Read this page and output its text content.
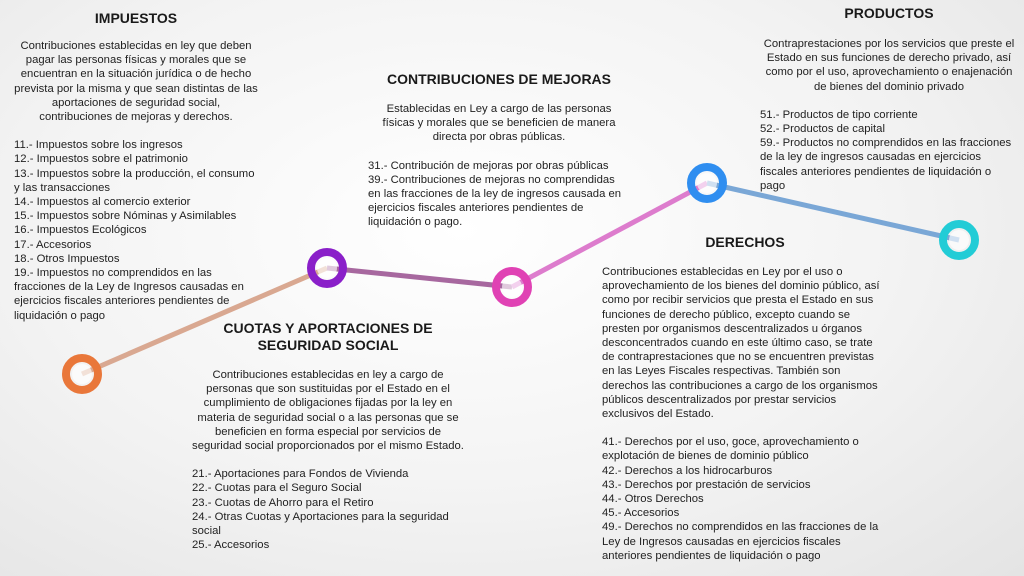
IMPUESTOS

Contribuciones establecidas en ley que deben pagar las personas físicas y morales que se encuentran en la situación jurídica o de hecho prevista por la misma y que sean distintas de las aportaciones de seguridad social, contribuciones de mejoras y derechos.

11.- Impuestos sobre los ingresos
12.- Impuestos sobre el patrimonio
13.- Impuestos sobre la producción, el consumo y las transacciones
14.- Impuestos al comercio exterior
15.- Impuestos sobre Nóminas y Asimilables
16.- Impuestos Ecológicos
17.- Accesorios
18.- Otros Impuestos
19.- Impuestos no comprendidos en las fracciones de la Ley de Ingresos causadas en ejercicios fiscales anteriores pendientes de liquidación o pago
CUOTAS Y APORTACIONES DE SEGURIDAD SOCIAL

Contribuciones establecidas en ley a cargo de personas que son sustituidas por el Estado en el cumplimiento de obligaciones fijadas por la ley en materia de seguridad social o a las personas que se beneficien en forma especial por servicios de seguridad social proporcionados por el mismo Estado.

21.- Aportaciones para Fondos de Vivienda
22.- Cuotas para el Seguro Social
23.- Cuotas de Ahorro para el Retiro
24.- Otras Cuotas y Aportaciones para la seguridad social
25.- Accesorios
CONTRIBUCIONES DE MEJORAS

Establecidas en Ley a cargo de las personas físicas y morales que se beneficien de manera directa por obras públicas.

31.- Contribución de mejoras por obras públicas
39.- Contribuciones de mejoras no comprendidas en las fracciones de la ley de ingresos causada en ejercicios fiscales anteriores pendientes de liquidación o pago.
PRODUCTOS

Contraprestaciones por los servicios que preste el Estado en sus funciones de derecho privado, así como por el uso, aprovechamiento o enajenación de bienes del dominio privado

51.- Productos de tipo corriente
52.- Productos de capital
59.- Productos no comprendidos en las fracciones de la ley de ingresos causadas en ejercicios fiscales anteriores pendientes de liquidación o pago
DERECHOS

Contribuciones establecidas en Ley por el uso o aprovechamiento de los bienes del dominio público, así como por recibir servicios que presta el Estado en sus funciones de derecho público, excepto cuando se presten por organismos descentralizados u órganos desconcentrados cuando en este último caso, se trate de contraprestaciones que no se encuentren previstas en las Leyes Fiscales respectivas. También son derechos las contribuciones a cargo de los organismos públicos descentralizados por prestar servicios exclusivos del Estado.

41.- Derechos por el uso, goce, aprovechamiento o explotación de bienes de dominio público
42.- Derechos a los hidrocarburos
43.- Derechos por prestación de servicios
44.- Otros Derechos
45.- Accesorios
49.- Derechos no comprendidos en las fracciones de la Ley de Ingresos causadas en ejercicios fiscales anteriores pendientes de liquidación o pago
